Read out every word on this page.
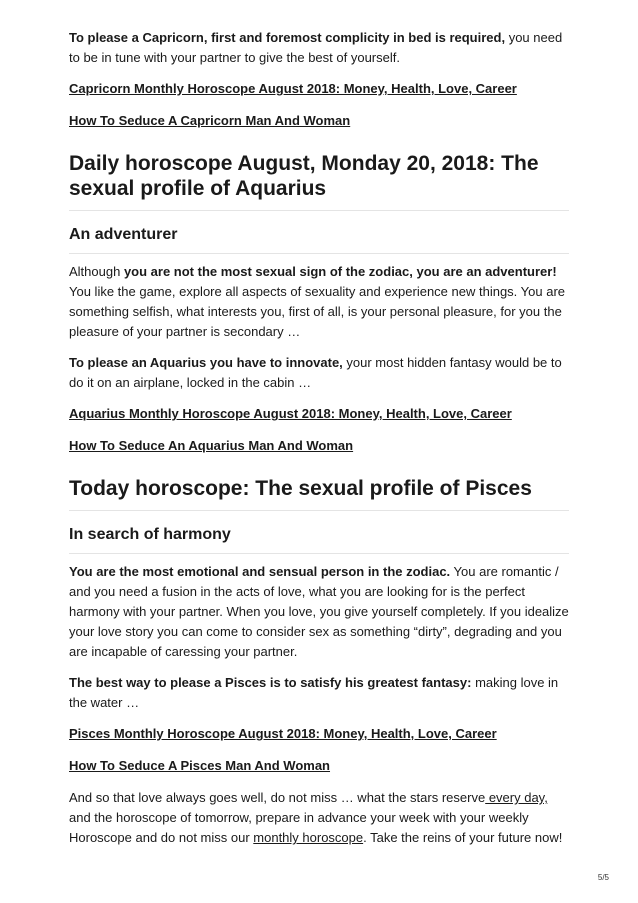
To please a Capricorn, first and foremost complicity in bed is required, you need to be in tune with your partner to give the best of yourself.

Capricorn Monthly Horoscope August 2018: Money, Health, Love, Career

How To Seduce A Capricorn Man And Woman

Daily horoscope August, Monday 20, 2018: The sexual profile of Aquarius
An adventurer

Although you are not the most sexual sign of the zodiac, you are an adventurer! You like the game, explore all aspects of sexuality and experience new things. You are something selfish, what interests you, first of all, is your personal pleasure, for you the pleasure of your partner is secondary …

To please an Aquarius you have to innovate, your most hidden fantasy would be to do it on an airplane, locked in the cabin …

Aquarius Monthly Horoscope August 2018: Money, Health, Love, Career

How To Seduce An Aquarius Man And Woman

Today horoscope: The sexual profile of Pisces
In search of harmony

You are the most emotional and sensual person in the zodiac. You are romantic / and you need a fusion in the acts of love, what you are looking for is the perfect harmony with your partner. When you love, you give yourself completely. If you idealize your love story you can come to consider sex as something “dirty”, degrading and you are incapable of caressing your partner.

The best way to please a Pisces is to satisfy his greatest fantasy: making love in the water …

Pisces Monthly Horoscope August 2018: Money, Health, Love, Career

How To Seduce A Pisces Man And Woman

And so that love always goes well, do not miss … what the stars reserve every day, and the horoscope of tomorrow, prepare in advance your week with your weekly Horoscope and do not miss our monthly horoscope. Take the reins of your future now!

5/5
